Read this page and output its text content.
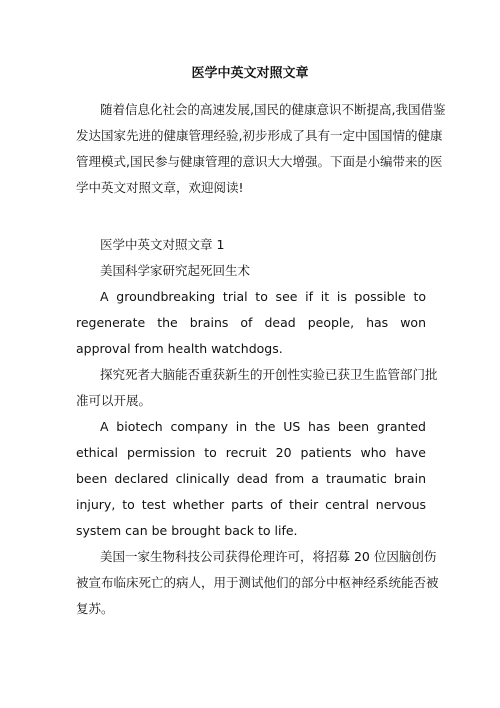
医学中英文对照文章

随着信息化社会的高速发展,国民的健康意识不断提高,我国借鉴
发达国家先进的健康管理经验,初步形成了具有一定中国国情的健康
管理模式,国民参与健康管理的意识大大增强。下面是小编带来的医
学中英文对照文章，欢迎阅读!

医学中英文对照文章 1

美国科学家研究起死回生术

A groundbreaking trial to see if it is possible to regenerate the brains of dead people, has won approval from health watchdogs.

探究死者大脑能否重获新生的开创性实验已获卫生监管部门批
准可以开展。

A biotech company in the US has been granted ethical permission to recruit 20 patients who have been declared clinically dead from a traumatic brain injury, to test whether parts of their central nervous system can be brought back to life.

美国一家生物科技公司获得伦理许可，将招募 20 位因脑创伤
被宣布临床死亡的病人，用于测试他们的部分中枢神经系统能否被
复苏。
